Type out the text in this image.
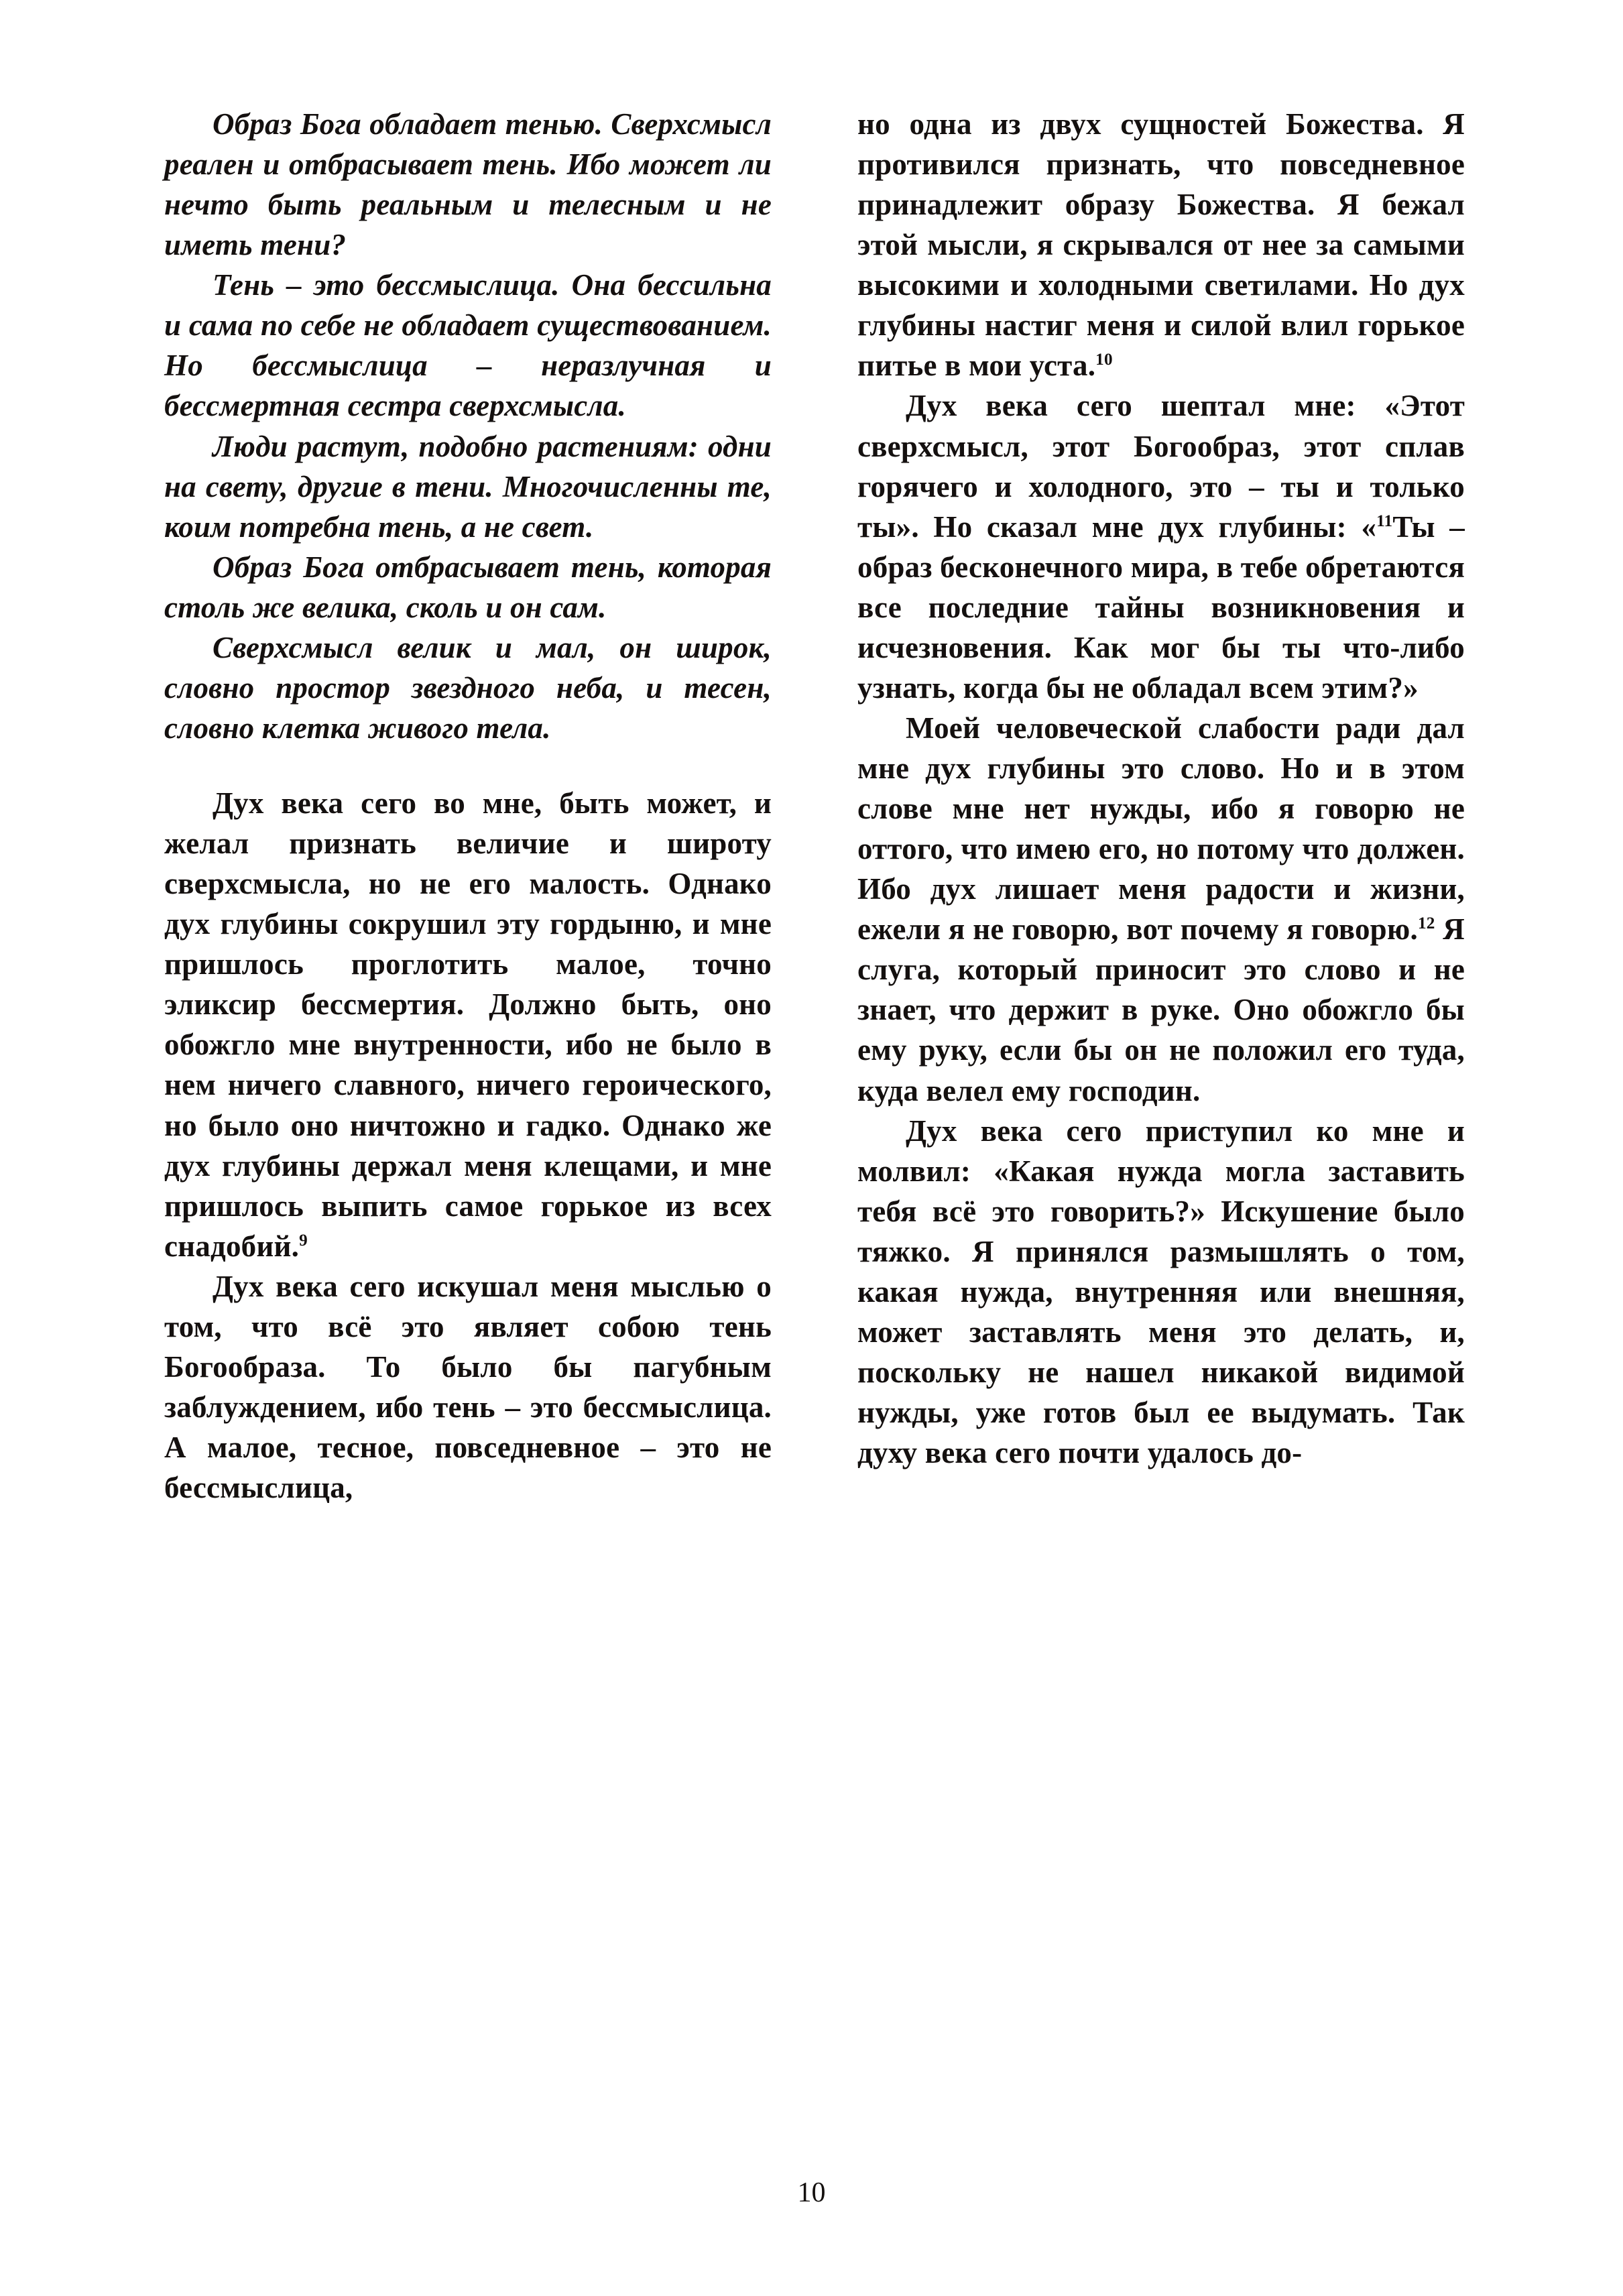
Образ Бога обладает тенью. Сверхсмысл реален и отбрасывает тень. Ибо может ли нечто быть реальным и телесным и не иметь тени?

Тень – это бессмыслица. Она бессильна и сама по себе не обладает существованием. Но бессмыслица – неразлучная и бессмертная сестра сверхсмысла.

Люди растут, подобно растениям: одни на свету, другие в тени. Многочисленны те, коим потребна тень, а не свет.

Образ Бога отбрасывает тень, которая столь же велика, сколь и он сам.

Сверхсмысл велик и мал, он широк, словно простор звездного неба, и тесен, словно клетка живого тела.

Дух века сего во мне, быть может, и желал признать величие и широту сверхсмысла, но не его малость. Однако дух глубины сокрушил эту гордыню, и мне пришлось проглотить малое, точно эликсир бессмертия. Должно быть, оно обожгло мне внутренности, ибо не было в нем ничего славного, ничего героического, но было оно ничтожно и гадко. Однако же дух глубины держал меня клещами, и мне пришлось выпить самое горькое из всех снадобий.$^9$

Дух века сего искушал меня мыслью о том, что всё это являет собою тень Богообраза. То было бы пагубным заблуждением, ибо тень – это бессмыслица. А малое, тесное, повседневное – это не бессмыслица,

но одна из двух сущностей Божества. Я противился признать, что повседневное принадлежит образу Божества. Я бежал этой мысли, я скрывался от нее за самыми высокими и холодными светилами. Но дух глубины настиг меня и силой влил горькое питье в мои уста.$^{10}$

Дух века сего шептал мне: «Этот сверхсмысл, этот Богообраз, этот сплав горячего и холодного, это – ты и только ты». Но сказал мне дух глубины: «$^{11}$Ты – образ бесконечного мира, в тебе обретаются все последние тайны возникновения и исчезновения. Как мог бы ты что-либо узнать, когда бы не обладал всем этим?»

Моей человеческой слабости ради дал мне дух глубины это слово. Но и в этом слове мне нет нужды, ибо я говорю не оттого, что имею его, но потому что должен. Ибо дух лишает меня радости и жизни, ежели я не говорю, вот почему я говорю.$^{12}$ Я слуга, который приносит это слово и не знает, что держит в руке. Оно обожгло бы ему руку, если бы он не положил его туда, куда велел ему господин.

Дух века сего приступил ко мне и молвил: «Какая нужда могла заставить тебя всё это говорить?» Искушение было тяжко. Я принялся размышлять о том, какая нужда, внутренняя или внешняя, может заставлять меня это делать, и, поскольку не нашел никакой видимой нужды, уже готов был ее выдумать. Так духу века сего почти удалось до-

10
